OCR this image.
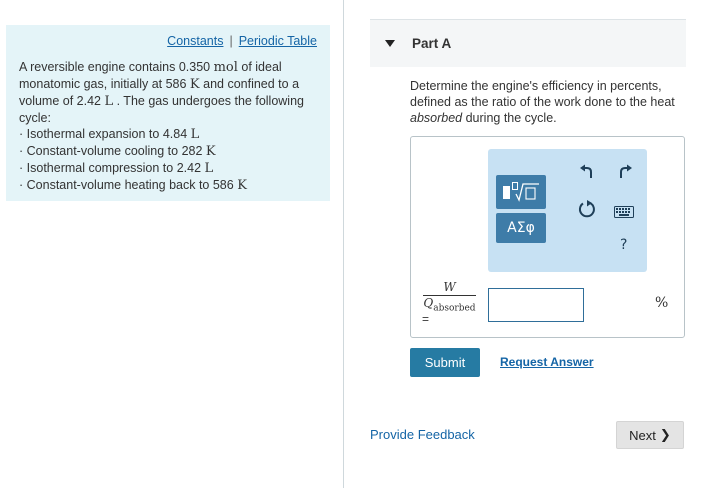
Constants | Periodic Table

A reversible engine contains 0.350 mol of ideal monatomic gas, initially at 586 K and confined to a volume of 2.42 L . The gas undergoes the following cycle:

· Isothermal expansion to 4.84 L
· Constant-volume cooling to 282 K
· Isothermal compression to 2.42 L
· Constant-volume heating back to 586 K
Part A
Determine the engine's efficiency in percents, defined as the ratio of the work done to the heat absorbed during the cycle.
ΑΣφ
?
W
$Q_{absorbed}$
=
%
Submit	Request Answer
Provide Feedback	Next ❯
